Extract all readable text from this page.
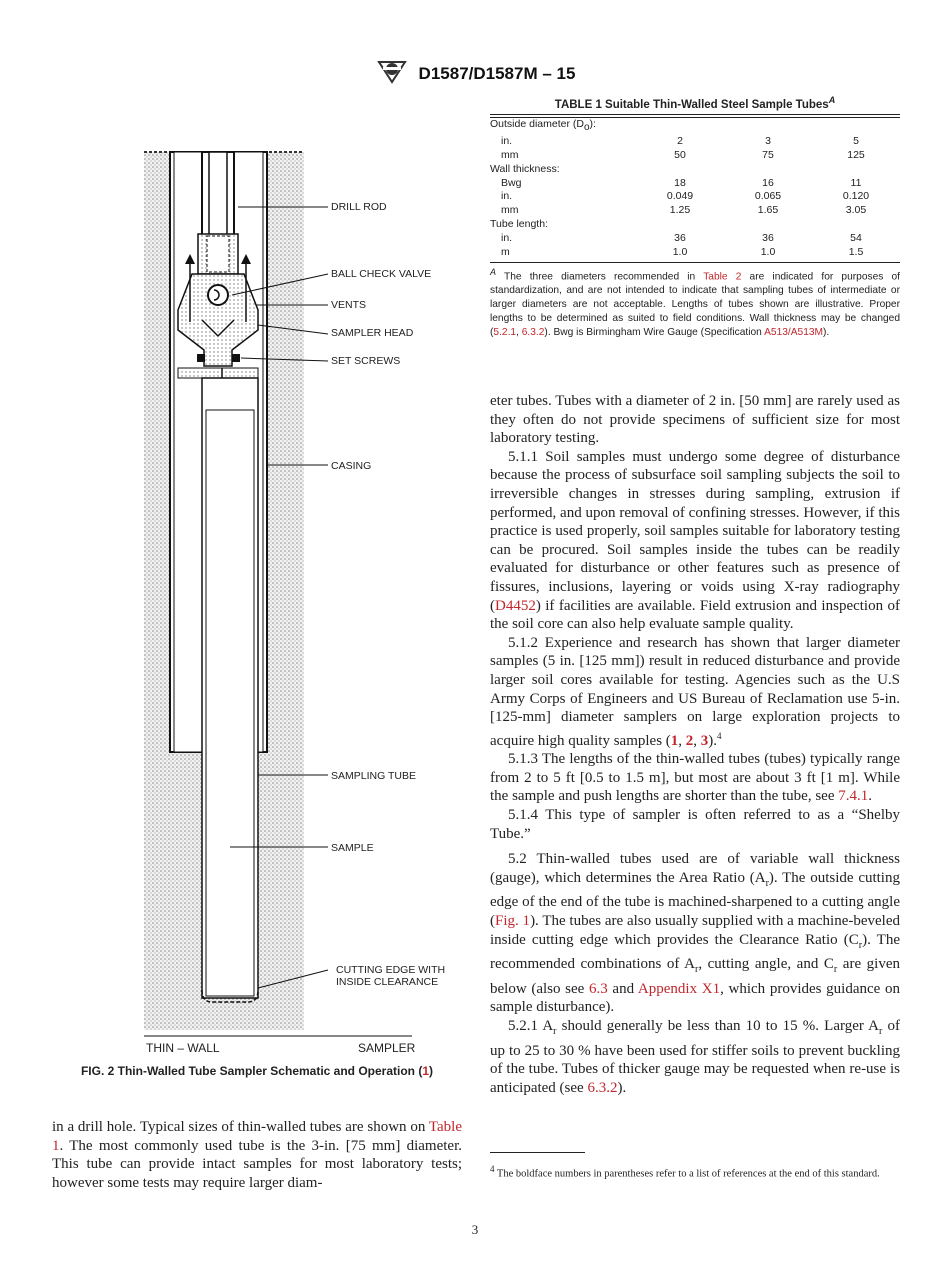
D1587/D1587M – 15
DRILL ROD
BALL CHECK VALVE
VENTS
SAMPLER HEAD
SET SCREWS
CASING
SAMPLING TUBE
SAMPLE
CUTTING EDGE WITH
INSIDE CLEARANCE
THIN – WALL	SAMPLER
FIG. 2 Thin-Walled Tube Sampler Schematic and Operation (1)

in a drill hole. Typical sizes of thin-walled tubes are shown on Table 1. The most commonly used tube is the 3-in. [75 mm] diameter. This tube can provide intact samples for most laboratory tests; however some tests may require larger diam-

TABLE 1 Suitable Thin-Walled Steel Sample Tubes$^A$
Outside diameter $(D_o)$:			
in.	2	3	5
mm	50	75	125
Wall thickness:			
Bwg	18	16	11
in.	0.049	0.065	0.120
mm	1.25	1.65	3.05
Tube length:			
in.	36	36	54
m	1.0	1.0	1.5
$^A$ The three diameters recommended in Table 2 are indicated for purposes of standardization, and are not intended to indicate that sampling tubes of intermediate or larger diameters are not acceptable. Lengths of tubes shown are illustrative. Proper lengths to be determined as suited to field conditions. Wall thickness may be changed (5.2.1, 6.3.2). Bwg is Birmingham Wire Gauge (Specification A513/A513M).

eter tubes. Tubes with a diameter of 2 in. [50 mm] are rarely used as they often do not provide specimens of sufficient size for most laboratory testing.

5.1.1 Soil samples must undergo some degree of disturbance because the process of subsurface soil sampling subjects the soil to irreversible changes in stresses during sampling, extrusion if performed, and upon removal of confining stresses. However, if this practice is used properly, soil samples suitable for laboratory testing can be procured. Soil samples inside the tubes can be readily evaluated for disturbance or other features such as presence of fissures, inclusions, layering or voids using X-ray radiography (D4452) if facilities are available. Field extrusion and inspection of the soil core can also help evaluate sample quality.

5.1.2 Experience and research has shown that larger diameter samples (5 in. [125 mm]) result in reduced disturbance and provide larger soil cores available for testing. Agencies such as the U.S Army Corps of Engineers and US Bureau of Reclamation use 5-in. [125-mm] diameter samplers on large exploration projects to acquire high quality samples (1, 2, 3).$^4$

5.1.3 The lengths of the thin-walled tubes (tubes) typically range from 2 to 5 ft [0.5 to 1.5 m], but most are about 3 ft [1 m]. While the sample and push lengths are shorter than the tube, see 7.4.1.

5.1.4 This type of sampler is often referred to as a “Shelby Tube.”

5.2 Thin-walled tubes used are of variable wall thickness (gauge), which determines the Area Ratio $(A_r)$. The outside cutting edge of the end of the tube is machined-sharpened to a cutting angle (Fig. 1). The tubes are also usually supplied with a machine-beveled inside cutting edge which provides the Clearance Ratio $(C_r)$. The recommended combinations of $A_r$, cutting angle, and $C_r$ are given below (also see 6.3 and Appendix X1, which provides guidance on sample disturbance).

5.2.1 $A_r$ should generally be less than 10 to 15 %. Larger $A_r$ of up to 25 to 30 % have been used for stiffer soils to prevent buckling of the tube. Tubes of thicker gauge may be requested when re-use is anticipated (see 6.3.2).

$^4$ The boldface numbers in parentheses refer to a list of references at the end of this standard.
3
